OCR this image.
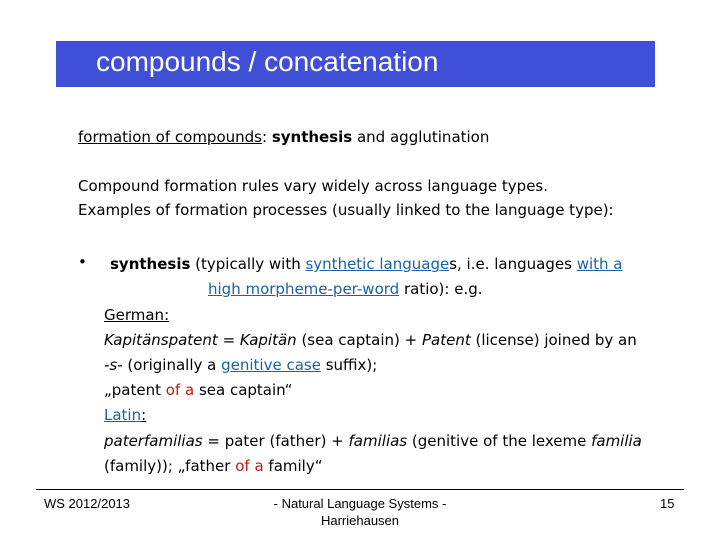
compounds / concatenation
formation of compounds: synthesis and agglutination
Compound formation rules vary widely across language types.
Examples of formation processes (usually linked to the language type):
• synthesis (typically with synthetic languages, i.e. languages with a
high morpheme-per-word ratio): e.g.
German:
Kapitänspatent = Kapitän (sea captain) + Patent (license) joined by an
-s- (originally a genitive case suffix);
„patent of a sea captain“
Latin:
paterfamilias = pater (father) + familias (genitive of the lexeme familia
(family)); „father of a family“
WS 2012/2013	- Natural Language Systems -
Harriehausen
15
